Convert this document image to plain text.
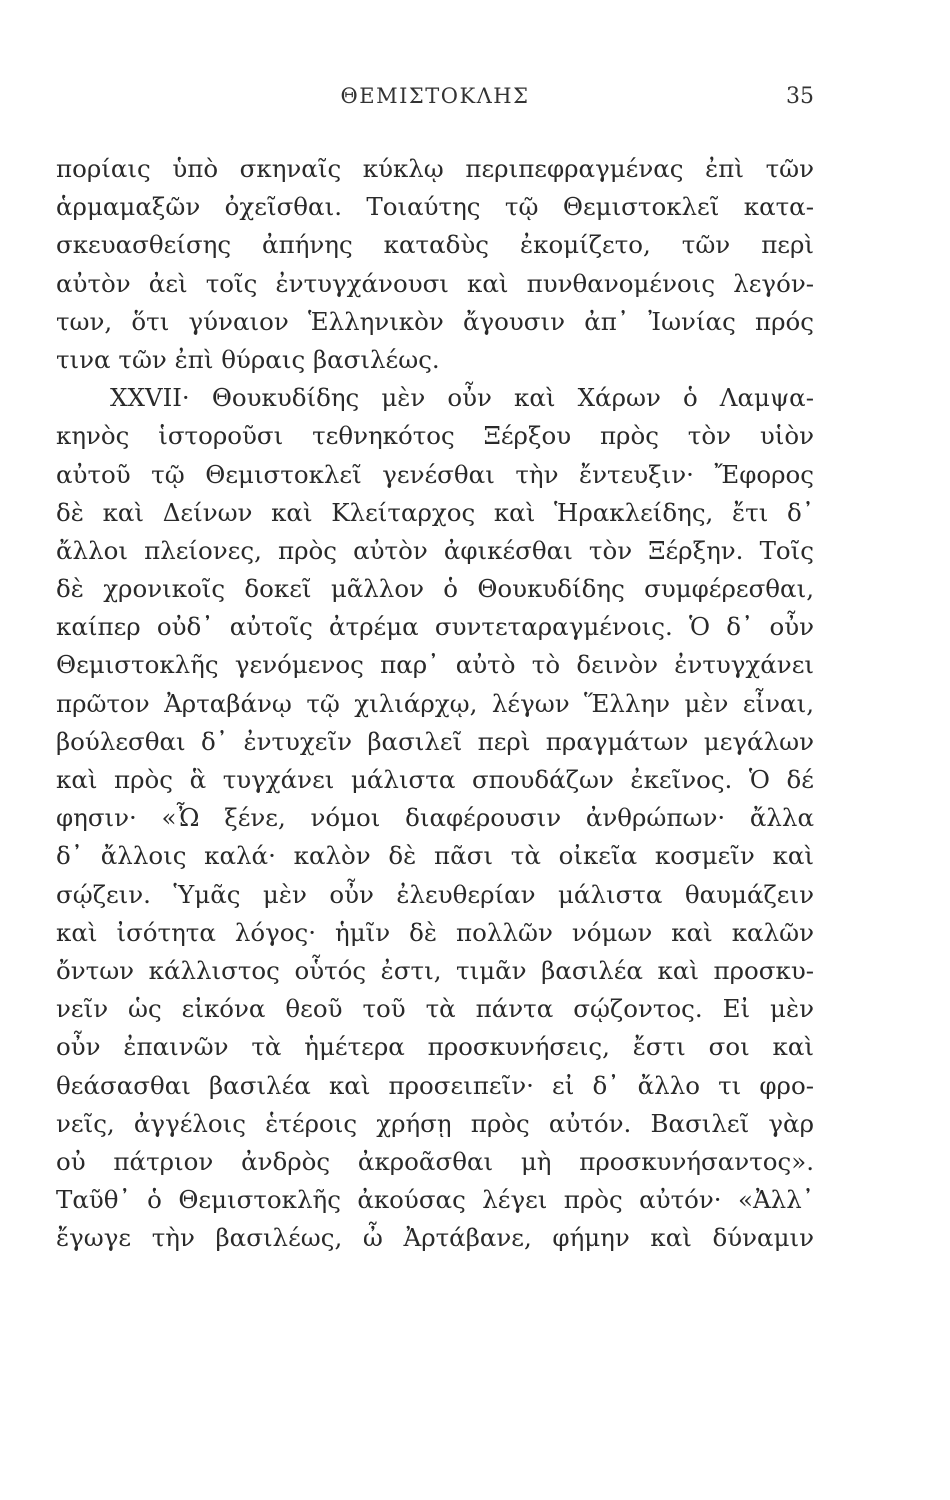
ΘΕΜΙΣΤΟΚΛΗΣ	35
πορίαις ὑπὸ σκηναῖς κύκλῳ περιπεφραγμένας ἐπὶ τῶν
ἁρμαμαξῶν ὀχεῖσθαι. Τοιαύτης τῷ Θεμιστοκλεῖ κατα-
σκευασθείσης ἀπήνης καταδὺς ἐκομίζετο, τῶν περὶ
αὐτὸν ἀεὶ τοῖς ἐντυγχάνουσι καὶ πυνθανομένοις λεγόν-
των, ὅτι γύναιον Ἑλληνικὸν ἄγουσιν ἀπ᾽ Ἰωνίας πρός
τινα τῶν ἐπὶ θύραις βασιλέως.
XXVII· Θουκυδίδης μὲν οὖν καὶ Χάρων ὁ Λαμψα-
κηνὸς ἱστοροῦσι τεθνηκότος Ξέρξου πρὸς τὸν υἱὸν
αὐτοῦ τῷ Θεμιστοκλεῖ γενέσθαι τὴν ἔντευξιν· Ἔφορος
δὲ καὶ Δείνων καὶ Κλείταρχος καὶ Ἡρακλείδης, ἔτι δ᾽
ἄλλοι πλείονες, πρὸς αὐτὸν ἀφικέσθαι τὸν Ξέρξην. Τοῖς
δὲ χρονικοῖς δοκεῖ μᾶλλον ὁ Θουκυδίδης συμφέρεσθαι,
καίπερ οὐδ᾽ αὐτοῖς ἀτρέμα συντεταραγμένοις. Ὁ δ᾽ οὖν
Θεμιστοκλῆς γενόμενος παρ᾽ αὐτὸ τὸ δεινὸν ἐντυγχάνει
πρῶτον Ἀρταβάνῳ τῷ χιλιάρχῳ, λέγων Ἕλλην μὲν εἶναι,
βούλεσθαι δ᾽ ἐντυχεῖν βασιλεῖ περὶ πραγμάτων μεγάλων
καὶ πρὸς ἃ τυγχάνει μάλιστα σπουδάζων ἐκεῖνος. Ὁ δέ
φησιν· «Ὦ ξένε, νόμοι διαφέρουσιν ἀνθρώπων· ἄλλα
δ᾽ ἄλλοις καλά· καλὸν δὲ πᾶσι τὰ οἰκεῖα κοσμεῖν καὶ
σῴζειν. Ὑμᾶς μὲν οὖν ἐλευθερίαν μάλιστα θαυμάζειν
καὶ ἰσότητα λόγος· ἡμῖν δὲ πολλῶν νόμων καὶ καλῶν
ὄντων κάλλιστος οὗτός ἐστι, τιμᾶν βασιλέα καὶ προσκυ-
νεῖν ὡς εἰκόνα θεοῦ τοῦ τὰ πάντα σῴζοντος. Εἰ μὲν
οὖν ἐπαινῶν τὰ ἡμέτερα προσκυνήσεις, ἔστι σοι καὶ
θεάσασθαι βασιλέα καὶ προσειπεῖν· εἰ δ᾽ ἄλλο τι φρο-
νεῖς, ἀγγέλοις ἑτέροις χρήσῃ πρὸς αὐτόν. Βασιλεῖ γὰρ
οὐ πάτριον ἀνδρὸς ἀκροᾶσθαι μὴ προσκυνήσαντος».
Ταῦθ᾽ ὁ Θεμιστοκλῆς ἀκούσας λέγει πρὸς αὐτόν· «Ἀλλ᾽
ἔγωγε τὴν βασιλέως, ὦ Ἀρτάβανε, φήμην καὶ δύναμιν
